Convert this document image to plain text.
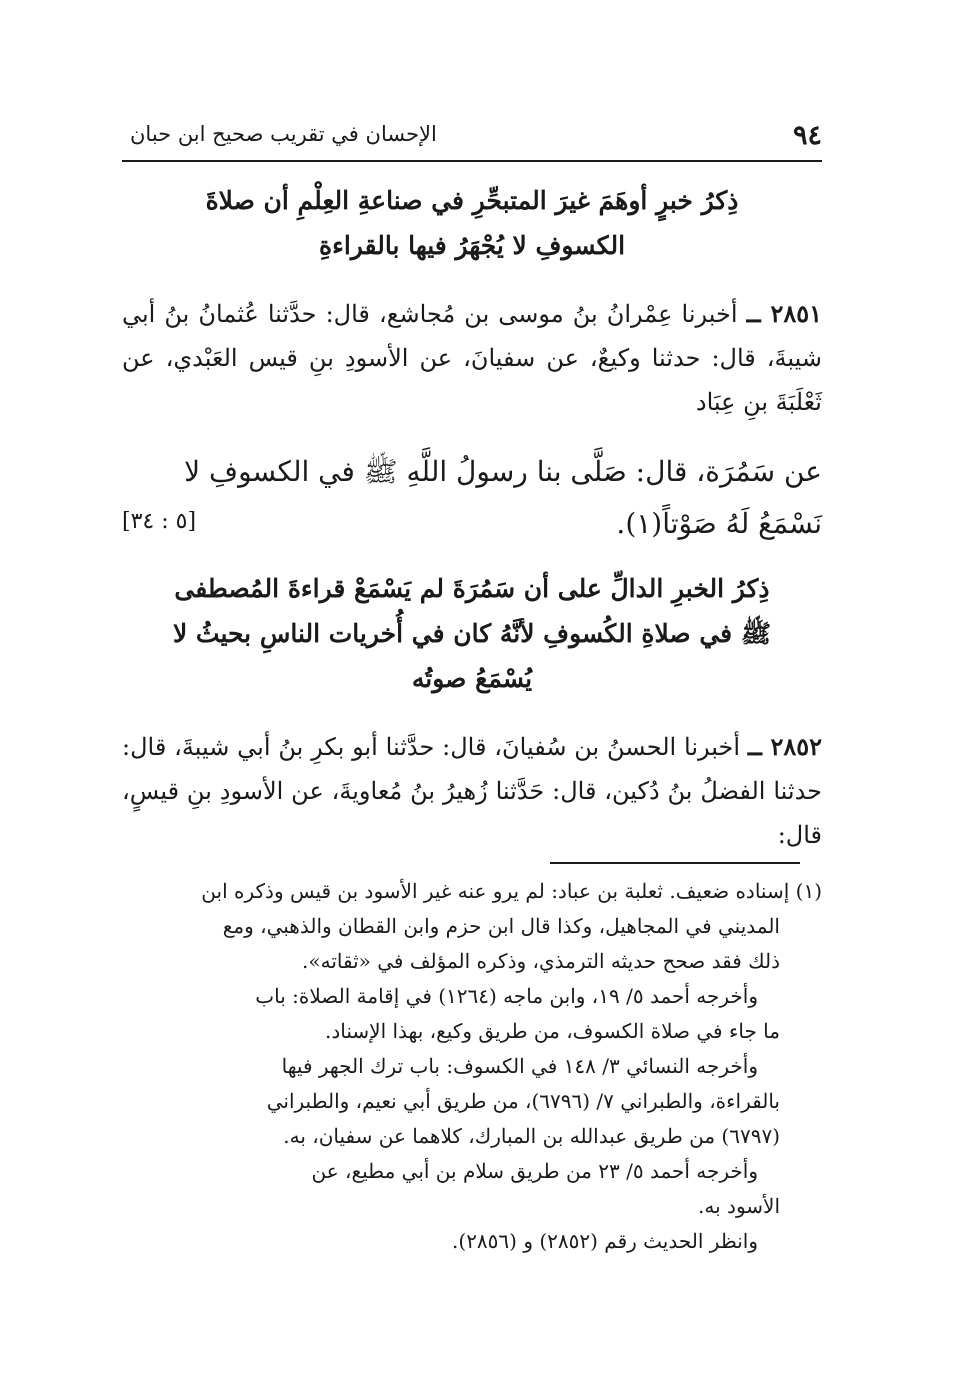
٩٤
الإحسان في تقريب صحيح ابن حبان
ذِكرُ خبرٍ أوهَمَ غيرَ المتبحِّرِ في صناعةِ العِلْمِ أن صلاةَ الكسوفِ لا يُجْهَرُ فيها بالقراءةِ

٢٨٥١ ــ أخبرنا عِمْرانُ بنُ موسى بن مُجاشع، قال: حدَّثنا عُثمانُ بنُ أبي شيبةَ، قال: حدثنا وكيعٌ، عن سفيانَ، عن الأسودِ بنِ قيس العَبْدي، عن ثَعْلَبَةَ بنِ عِبَاد

عن سَمُرَة، قال: صَلَّى بنا رسولُ اللَّهِ ﷺ في الكسوفِ لا نَسْمَعُ لَهُ صَوْتاً(١).
[٥ : ٣٤]

ذِكرُ الخبرِ الدالِّ على أن سَمُرَةَ لم يَسْمَعْ قراءةَ المُصطفى ﷺ في صلاةِ الكُسوفِ لأنَّهُ كان في أُخريات الناسِ بحيثُ لا يُسْمَعُ صوتُه

٢٨٥٢ ــ أخبرنا الحسنُ بن سُفيانَ، قال: حدَّثنا أبو بكرِ بنُ أبي شيبةَ، قال: حدثنا الفضلُ بنُ دُكين، قال: حَدَّثنا زُهيرُ بنُ مُعاويةَ، عن الأسودِ بنِ قيسٍ، قال:

(١) إسناده ضعيف. ثعلبة بن عباد: لم يرو عنه غير الأسود بن قيس وذكره ابن

المديني في المجاهيل، وكذا قال ابن حزم وابن القطان والذهبي، ومع

ذلك فقد صحح حديثه الترمذي، وذكره المؤلف في «ثقاته».

وأخرجه أحمد ٥/ ١٩، وابن ماجه (١٢٦٤) في إقامة الصلاة: باب

ما جاء في صلاة الكسوف، من طريق وكيع، بهذا الإسناد.

وأخرجه النسائي ٣/ ١٤٨ في الكسوف: باب ترك الجهر فيها

بالقراءة، والطبراني ٧/ (٦٧٩٦)، من طريق أبي نعيم، والطبراني

(٦٧٩٧) من طريق عبدالله بن المبارك، كلاهما عن سفيان، به.

وأخرجه أحمد ٥/ ٢٣ من طريق سلام بن أبي مطيع، عن

الأسود به.

وانظر الحديث رقم (٢٨٥٢) و (٢٨٥٦).
